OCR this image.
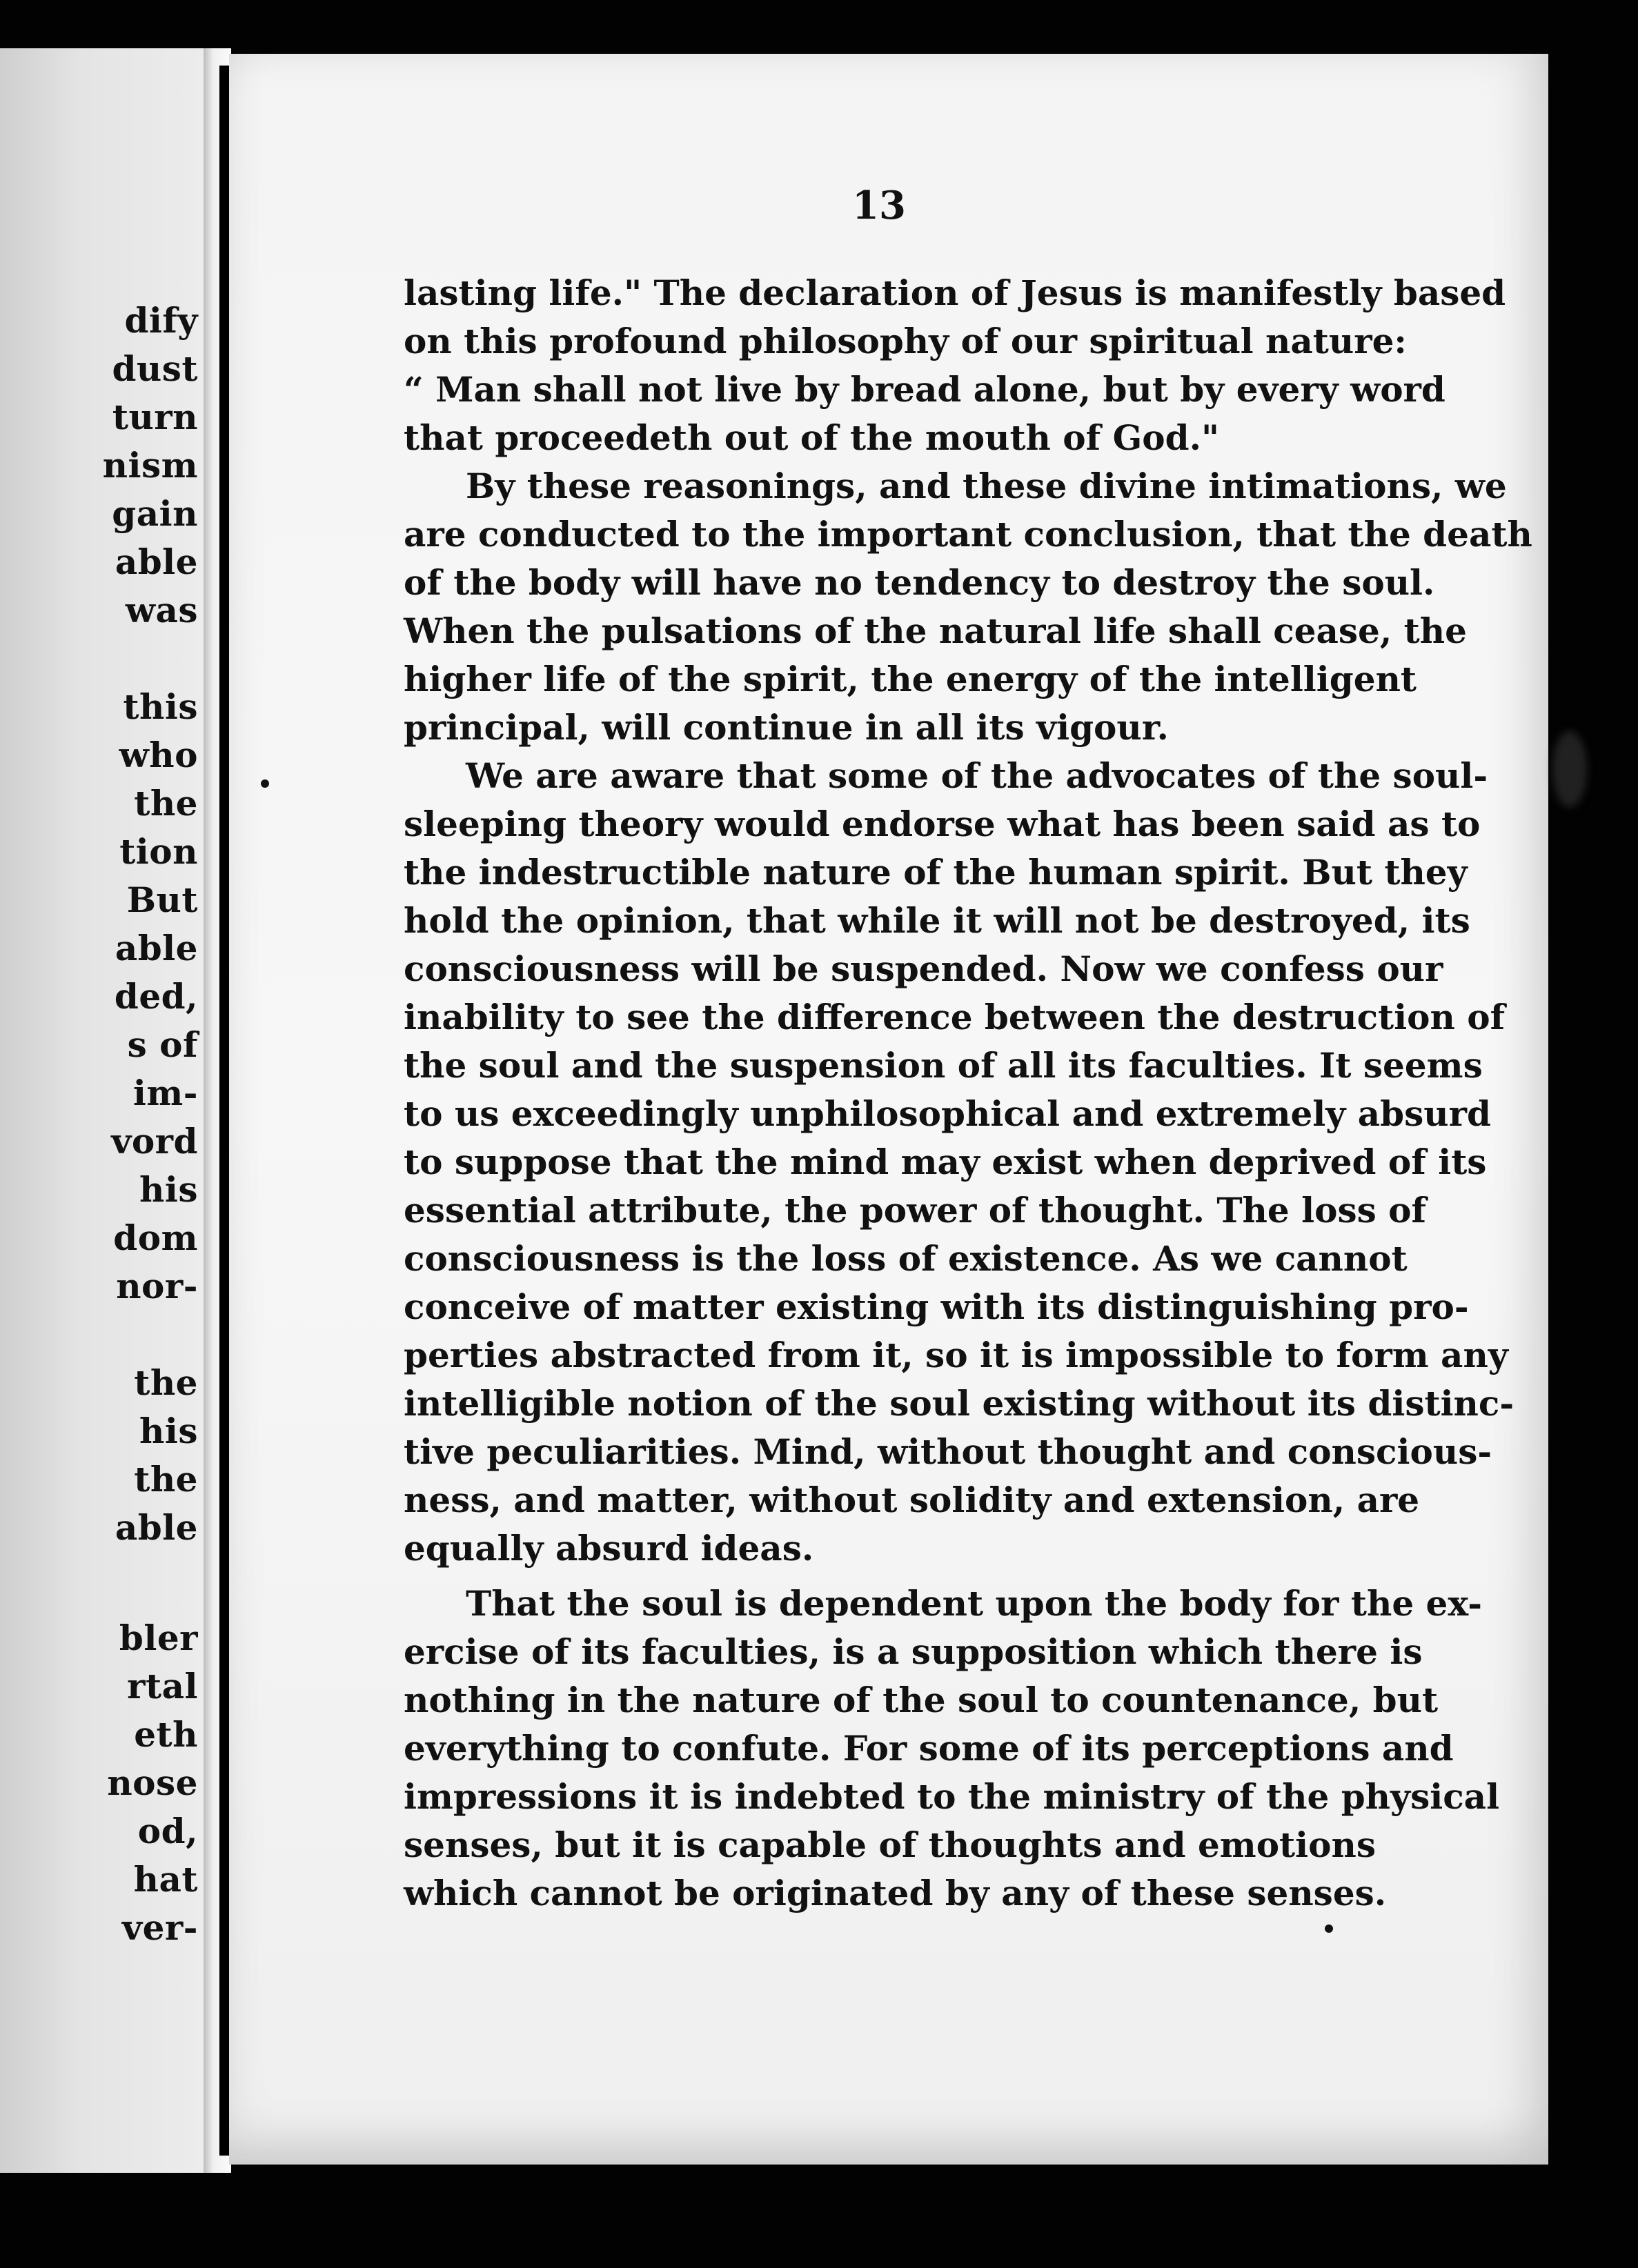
dify
dust
turn
nism
gain
able
was
this
who
the
tion
But
able
ded,
s of
im-
vord
his
dom
nor-
the
his
the
able
bler
rtal
eth
nose
od,
hat
ver-
13
lasting life." The declaration of Jesus is manifestly based
on this profound philosophy of our spiritual nature:
“ Man shall not live by bread alone, but by every word
that proceedeth out of the mouth of God."
By these reasonings, and these divine intimations, we
are conducted to the important conclusion, that the death
of the body will have no tendency to destroy the soul.
When the pulsations of the natural life shall cease, the
higher life of the spirit, the energy of the intelligent
principal, will continue in all its vigour.
We are aware that some of the advocates of the soul-
sleeping theory would endorse what has been said as to
the indestructible nature of the human spirit. But they
hold the opinion, that while it will not be destroyed, its
consciousness will be suspended. Now we confess our
inability to see the difference between the destruction of
the soul and the suspension of all its faculties. It seems
to us exceedingly unphilosophical and extremely absurd
to suppose that the mind may exist when deprived of its
essential attribute, the power of thought. The loss of
consciousness is the loss of existence. As we cannot
conceive of matter existing with its distinguishing pro-
perties abstracted from it, so it is impossible to form any
intelligible notion of the soul existing without its distinc-
tive peculiarities. Mind, without thought and conscious-
ness, and matter, without solidity and extension, are
equally absurd ideas.
That the soul is dependent upon the body for the ex-
ercise of its faculties, is a supposition which there is
nothing in the nature of the soul to countenance, but
everything to confute. For some of its perceptions and
impressions it is indebted to the ministry of the physical
senses, but it is capable of thoughts and emotions
which cannot be originated by any of these senses.
